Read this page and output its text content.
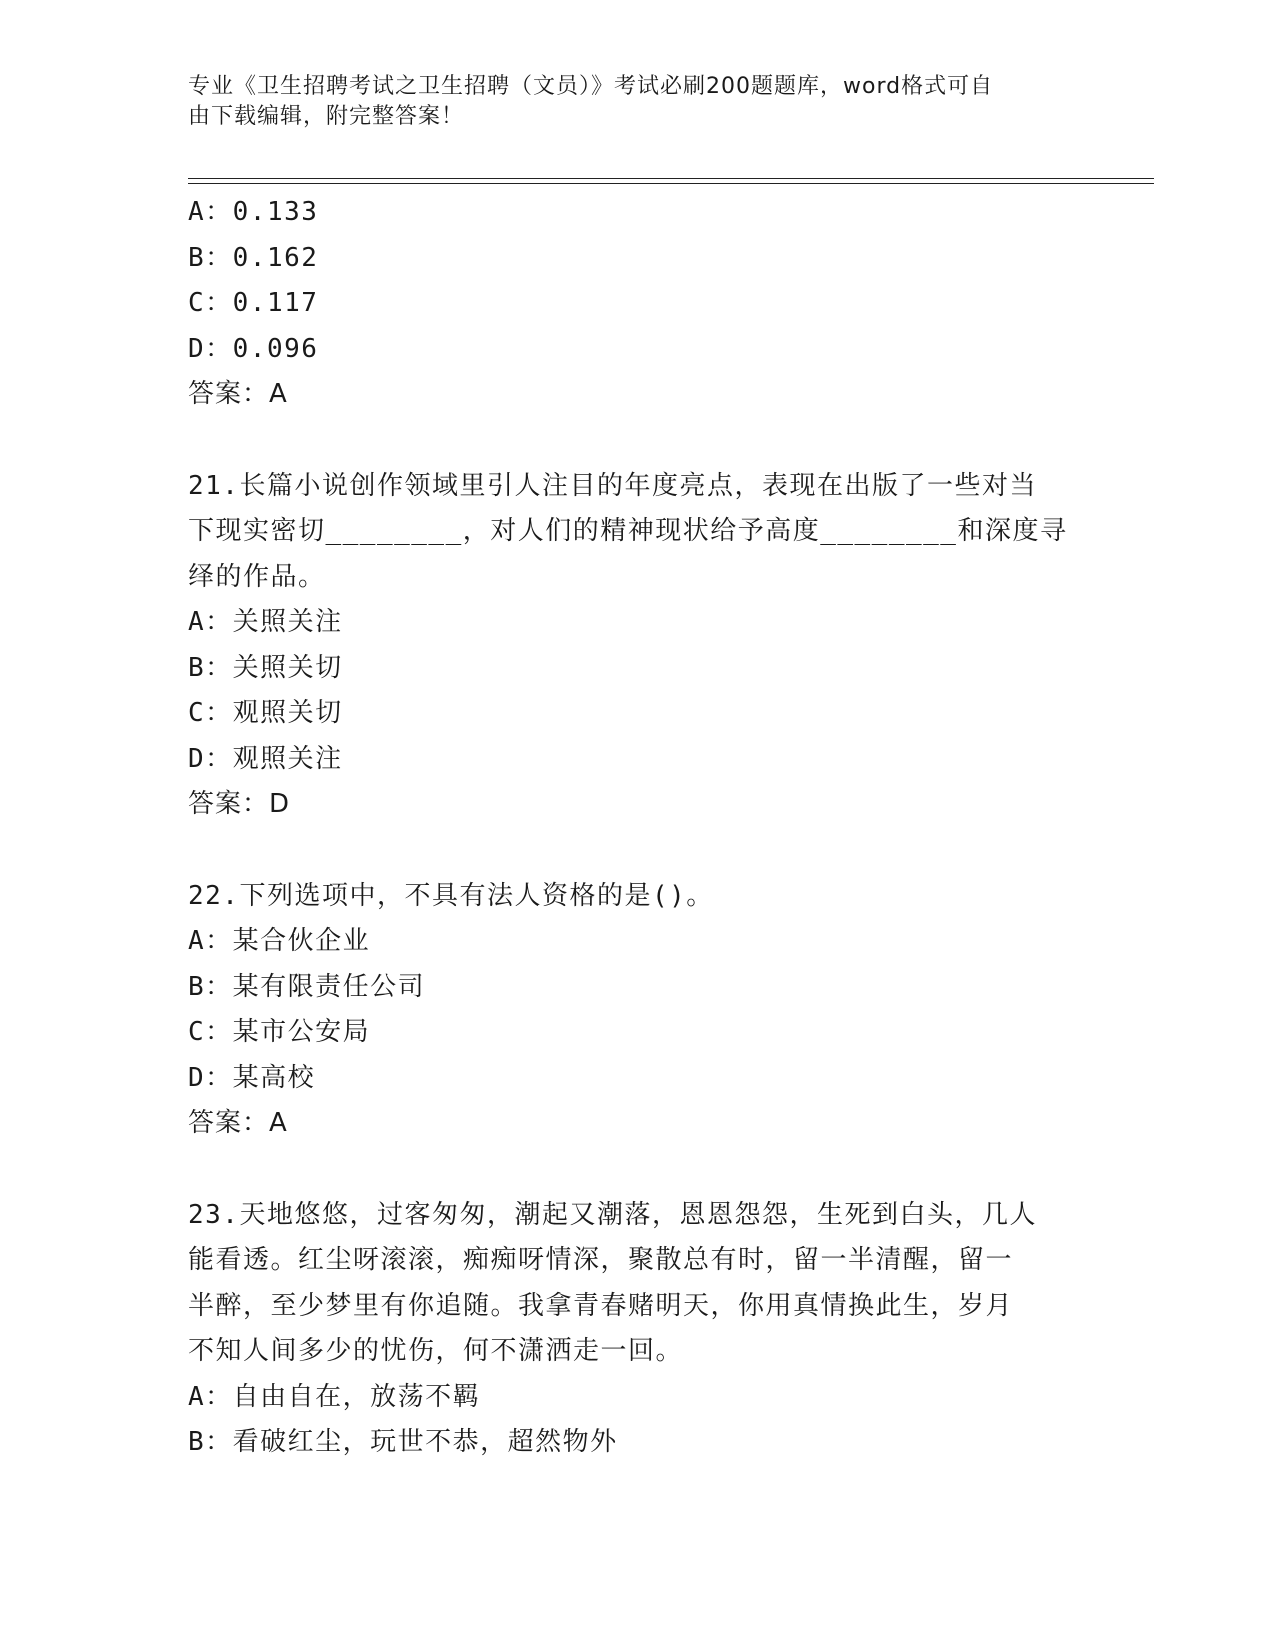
专业《卫生招聘考试之卫生招聘（文员）》考试必刷200题题库，word格式可自
由下载编辑，附完整答案！
A：0.133
B：0.162
C：0.117
D：0.096
答案：A
21.长篇小说创作领域里引人注目的年度亮点，表现在出版了一些对当
下现实密切________，对人们的精神现状给予高度________和深度寻
绎的作品。
A：关照关注
B：关照关切
C：观照关切
D：观照关注
答案：D
22.下列选项中，不具有法人资格的是()。
A：某合伙企业
B：某有限责任公司
C：某市公安局
D：某高校
答案：A
23.天地悠悠，过客匆匆，潮起又潮落，恩恩怨怨，生死到白头，几人
能看透。红尘呀滚滚，痴痴呀情深，聚散总有时，留一半清醒，留一
半醉，至少梦里有你追随。我拿青春赌明天，你用真情换此生，岁月
不知人间多少的忧伤，何不潇洒走一回。
A：自由自在，放荡不羁
B：看破红尘，玩世不恭，超然物外
